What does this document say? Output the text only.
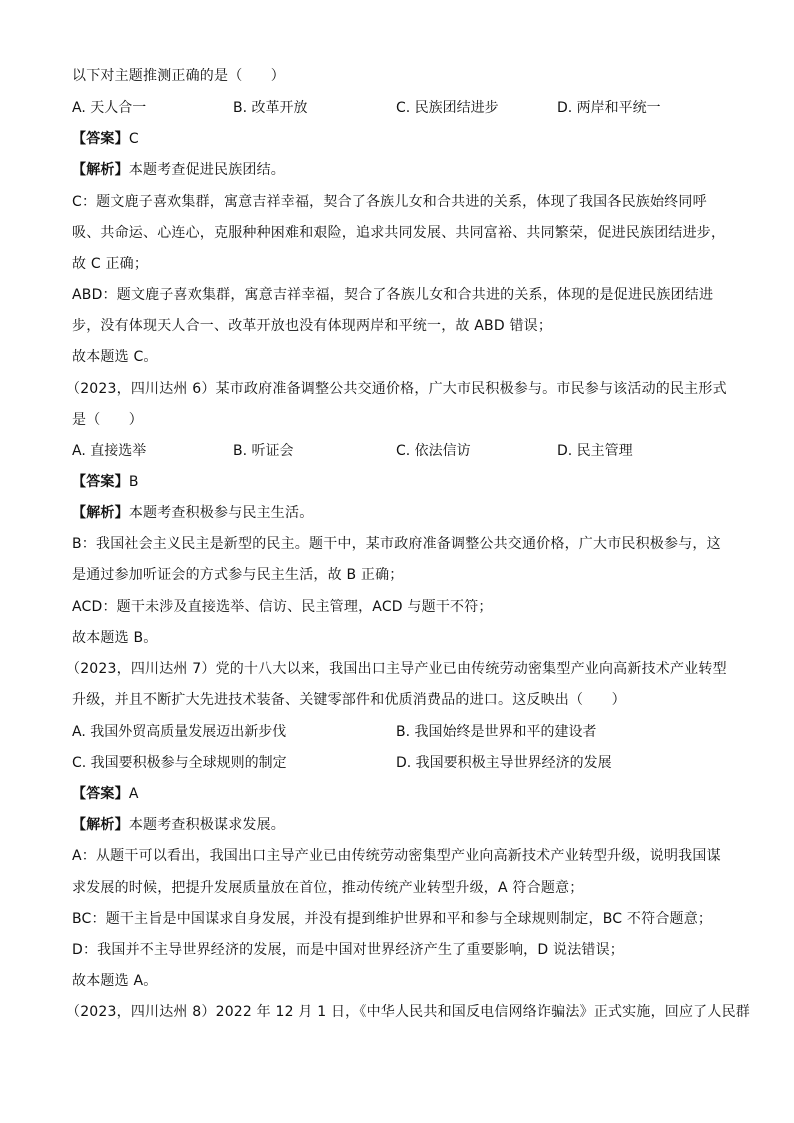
以下对主题推测正确的是（　　）
A. 天人合一	B. 改革开放	C. 民族团结进步	D. 两岸和平统一
【答案】C
【解析】本题考查促进民族团结。
C：题文鹿子喜欢集群，寓意吉祥幸福，契合了各族儿女和合共进的关系，体现了我国各民族始终同呼
吸、共命运、心连心，克服种种困难和艰险，追求共同发展、共同富裕、共同繁荣，促进民族团结进步，
故 C 正确；
ABD：题文鹿子喜欢集群，寓意吉祥幸福，契合了各族儿女和合共进的关系，体现的是促进民族团结进
步，没有体现天人合一、改革开放也没有体现两岸和平统一，故 ABD 错误；
故本题选 C。
（2023，四川达州 6）某市政府准备调整公共交通价格，广大市民积极参与。市民参与该活动的民主形式
是（　　）
A. 直接选举	B. 听证会	C. 依法信访	D. 民主管理
【答案】B
【解析】本题考查积极参与民主生活。
B：我国社会主义民主是新型的民主。题干中，某市政府准备调整公共交通价格，广大市民积极参与，这
是通过参加听证会的方式参与民主生活，故 B 正确；
ACD：题干未涉及直接选举、信访、民主管理，ACD 与题干不符；
故本题选 B。
（2023，四川达州 7）党的十八大以来，我国出口主导产业已由传统劳动密集型产业向高新技术产业转型
升级，并且不断扩大先进技术装备、关键零部件和优质消费品的进口。这反映出（　　）
A. 我国外贸高质量发展迈出新步伐	B. 我国始终是世界和平的建设者
C. 我国要积极参与全球规则的制定	D. 我国要积极主导世界经济的发展
【答案】A
【解析】本题考查积极谋求发展。
A：从题干可以看出，我国出口主导产业已由传统劳动密集型产业向高新技术产业转型升级，说明我国谋
求发展的时候，把提升发展质量放在首位，推动传统产业转型升级，A 符合题意；
BC：题干主旨是中国谋求自身发展，并没有提到维护世界和平和参与全球规则制定，BC 不符合题意；
D：我国并不主导世界经济的发展，而是中国对世界经济产生了重要影响，D 说法错误；
故本题选 A。
（2023，四川达州 8）2022 年 12 月 1 日，《中华人民共和国反电信网络诈骗法》正式实施，回应了人民群
